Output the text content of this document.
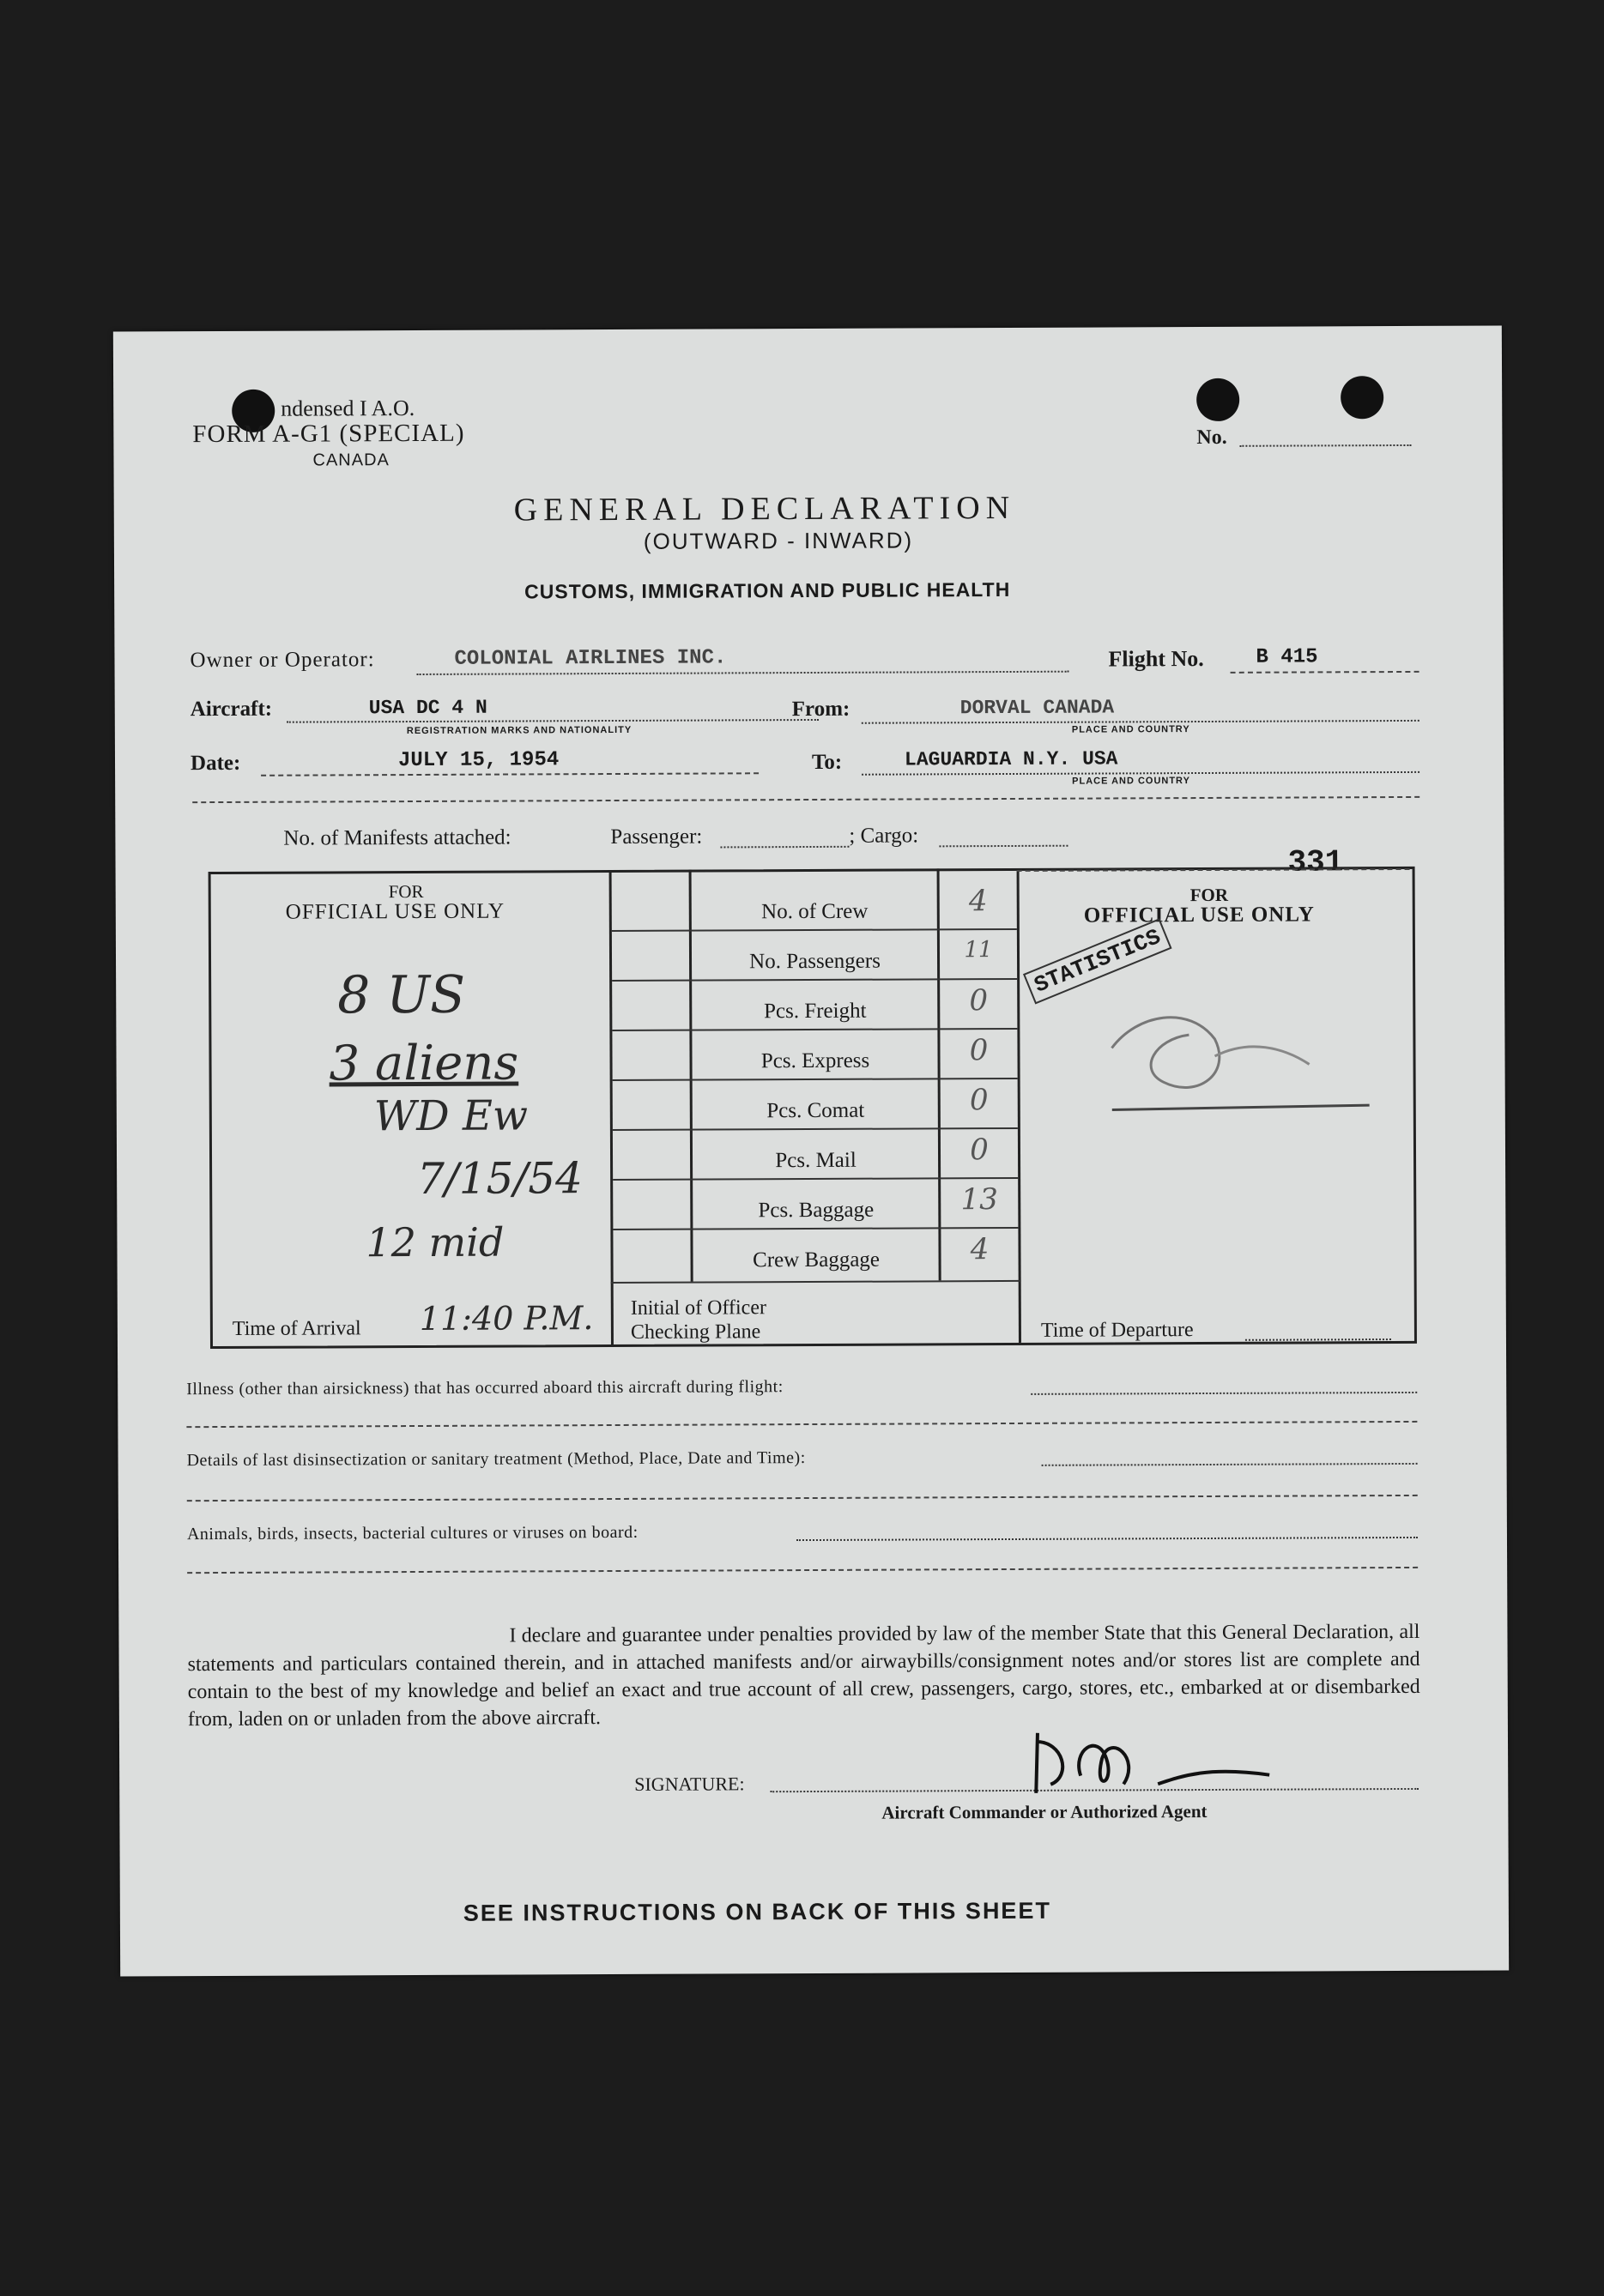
ndensed I A.O.
FORM A-G1 (SPECIAL)
CANADA
No.
GENERAL DECLARATION
(OUTWARD - INWARD)
CUSTOMS, IMMIGRATION AND PUBLIC HEALTH
Owner or Operator:	COLONIAL AIRLINES INC.	Flight No.	B 415
Aircraft:	USA DC 4 N
REGISTRATION MARKS AND NATIONALITY
From:	DORVAL CANADA
PLACE AND COUNTRY
Date:	JULY 15, 1954	To:	LAGUARDIA N.Y. USA
PLACE AND COUNTRY
No. of Manifests attached:	Passenger:	; Cargo:
331
FOR
OFFICIAL USE ONLY
FOR
OFFICIAL USE ONLY
No. of Crew	4
No. Passengers	11
Pcs. Freight	0
Pcs. Express	0
Pcs. Comat	0
Pcs. Mail	0
Pcs. Baggage	13
Crew Baggage	4
8 US
3 aliens
WD Ew
7/15/54
12 mid
STATISTICS
Time of Arrival 11:40 P.M. Initial of Officer
Checking Plane	Time of Departure
Illness (other than airsickness) that has occurred aboard this aircraft during flight:
Details of last disinsectization or sanitary treatment (Method, Place, Date and Time):
Animals, birds, insects, bacterial cultures or viruses on board:
I declare and guarantee under penalties provided by law of the member State that this General Declaration, all statements and particulars contained therein, and in attached manifests and/or airwaybills/consignment notes and/or stores list are complete and contain to the best of my knowledge and belief an exact and true account of all crew, passengers, cargo, stores, etc., embarked at or disembarked from, laden on or unladen from the above aircraft.
SIGNATURE:
Aircraft Commander or Authorized Agent
SEE INSTRUCTIONS ON BACK OF THIS SHEET
